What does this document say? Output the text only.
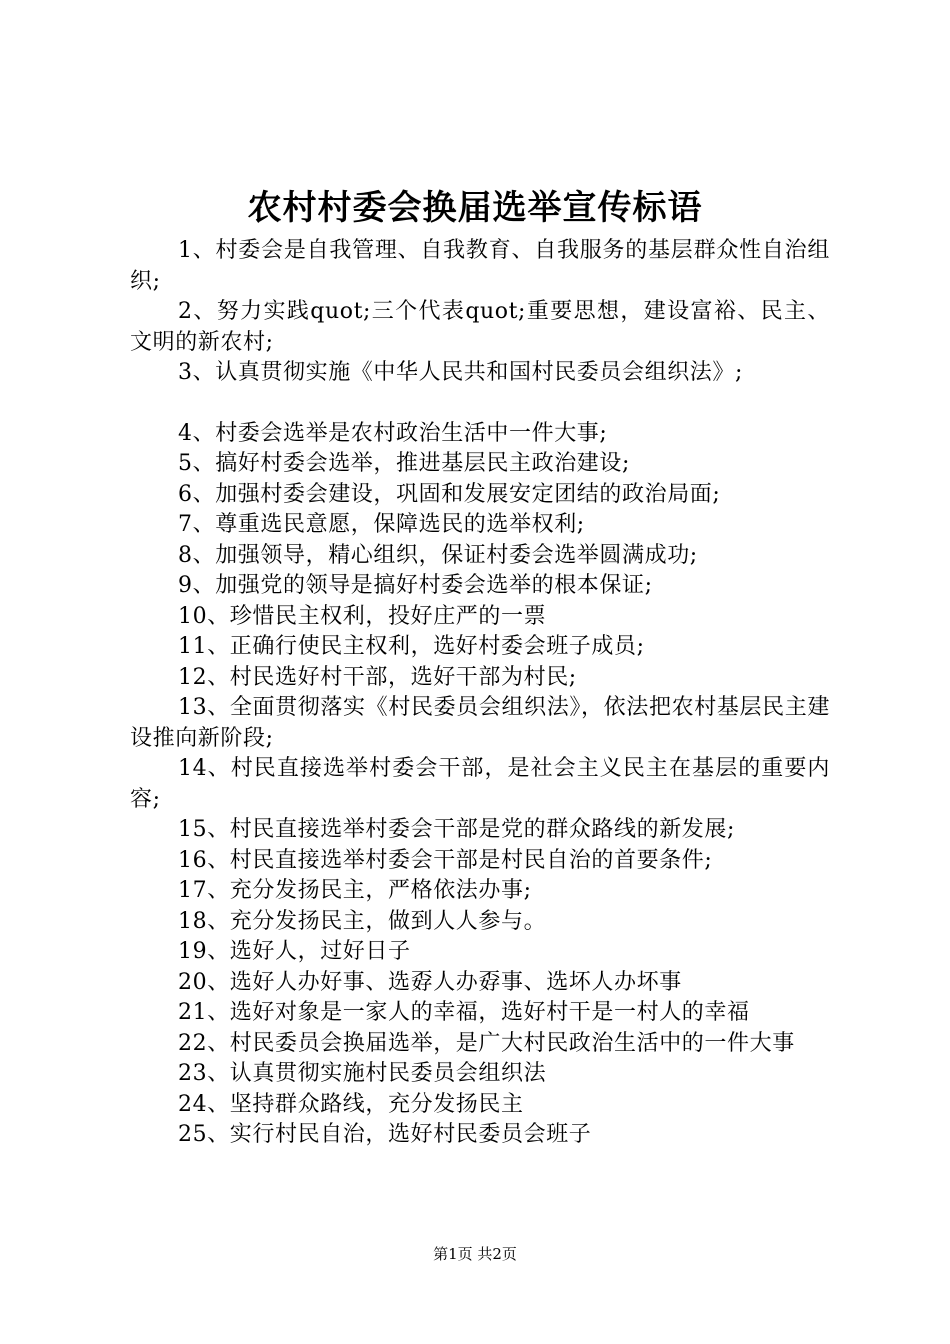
农村村委会换届选举宣传标语

1、村委会是自我管理、自我教育、自我服务的基层群众性自治组织;

2、努力实践quot;三个代表quot;重要思想，建设富裕、民主、文明的新农村;

3、认真贯彻实施《中华人民共和国村民委员会组织法》;

4、村委会选举是农村政治生活中一件大事;

5、搞好村委会选举，推进基层民主政治建设;

6、加强村委会建设，巩固和发展安定团结的政治局面;

7、尊重选民意愿，保障选民的选举权利;

8、加强领导，精心组织，保证村委会选举圆满成功;

9、加强党的领导是搞好村委会选举的根本保证;

10、珍惜民主权利，投好庄严的一票

11、正确行使民主权利，选好村委会班子成员;

12、村民选好村干部，选好干部为村民;

13、全面贯彻落实《村民委员会组织法》，依法把农村基层民主建设推向新阶段;

14、村民直接选举村委会干部，是社会主义民主在基层的重要内容;

15、村民直接选举村委会干部是党的群众路线的新发展;

16、村民直接选举村委会干部是村民自治的首要条件;

17、充分发扬民主，严格依法办事;

18、充分发扬民主，做到人人参与。

19、选好人，过好日子

20、选好人办好事、选孬人办孬事、选坏人办坏事

21、选好对象是一家人的幸福，选好村干是一村人的幸福

22、村民委员会换届选举，是广大村民政治生活中的一件大事

23、认真贯彻实施村民委员会组织法

24、坚持群众路线，充分发扬民主

25、实行村民自治，选好村民委员会班子

第1页 共2页
